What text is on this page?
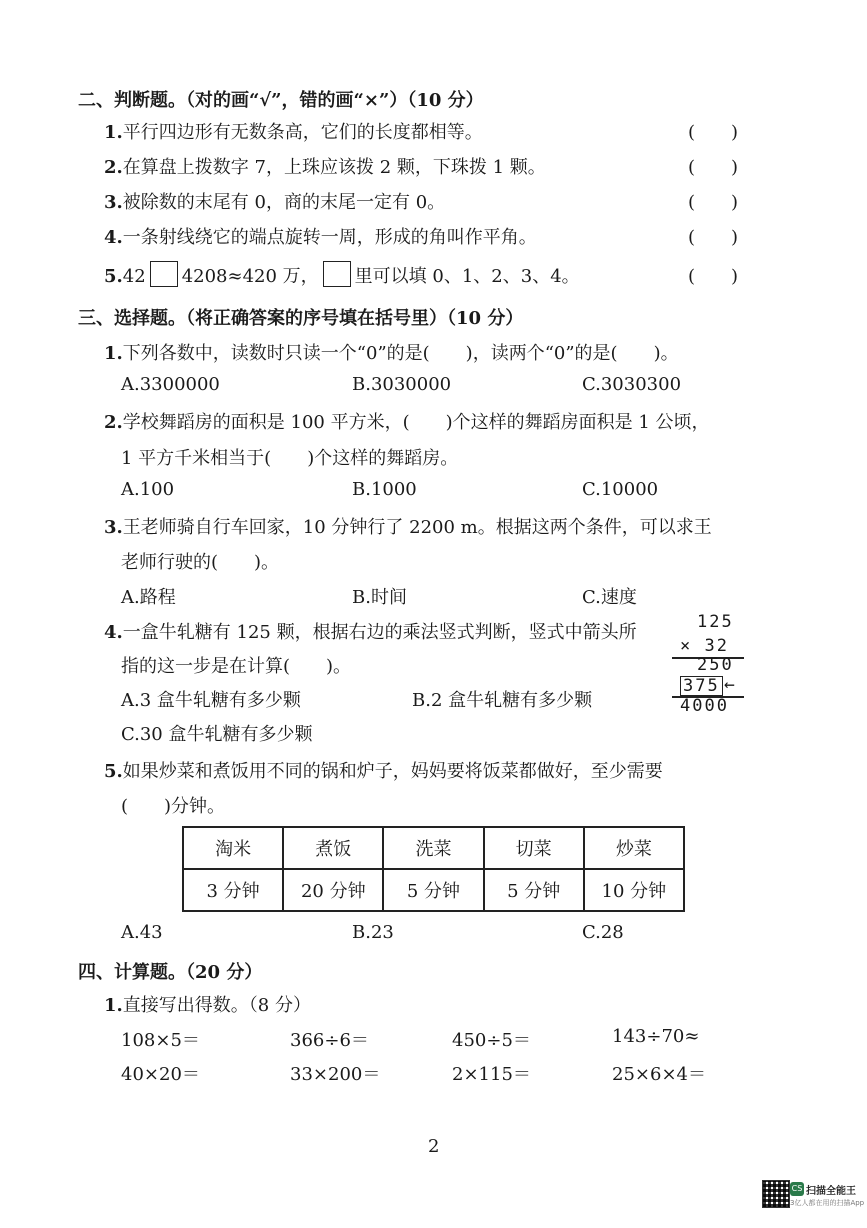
二、判断题。（对的画“√”，错的画“×”）（10 分）
1.平行四边形有无数条高，它们的长度都相等。	(　　)
2.在算盘上拨数字 7，上珠应该拨 2 颗，下珠拨 1 颗。	(　　)
3.被除数的末尾有 0，商的末尾一定有 0。	(　　)
4.一条射线绕它的端点旋转一周，形成的角叫作平角。	(　　)
5.42 4208≈420 万， 里可以填 0、1、2、3、4。	(　　)
三、选择题。（将正确答案的序号填在括号里）（10 分）
1.下列各数中，读数时只读一个“0”的是(　　)，读两个“0”的是(　　)。
A.3300000	B.3030000	C.3030300
2.学校舞蹈房的面积是 100 平方米，(　　)个这样的舞蹈房面积是 1 公顷，
1 平方千米相当于(　　)个这样的舞蹈房。
A.100	B.1000	C.10000
3.王老师骑自行车回家，10 分钟行了 2200 m。根据这两个条件，可以求王
老师行驶的(　　)。
A.路程	B.时间	C.速度
4.一盒牛轧糖有 125 颗，根据右边的乘法竖式判断，竖式中箭头所
指的这一步是在计算(　　)。
A.3 盒牛轧糖有多少颗	B.2 盒牛轧糖有多少颗
C.30 盒牛轧糖有多少颗
125
× 32
250
375 ←
4000
5.如果炒菜和煮饭用不同的锅和炉子，妈妈要将饭菜都做好，至少需要
(　　)分钟。
淘米	煮饭	洗菜	切菜	炒菜
3 分钟	20 分钟	5 分钟	5 分钟	10 分钟
A.43	B.23	C.28
四、计算题。（20 分）
1.直接写出得数。（8 分）
108×5＝	366÷6＝	450÷5＝	143÷70≈
40×20＝	33×200＝	2×115＝	25×6×4＝
2
CS 扫描全能王
3亿人都在用的扫描App
